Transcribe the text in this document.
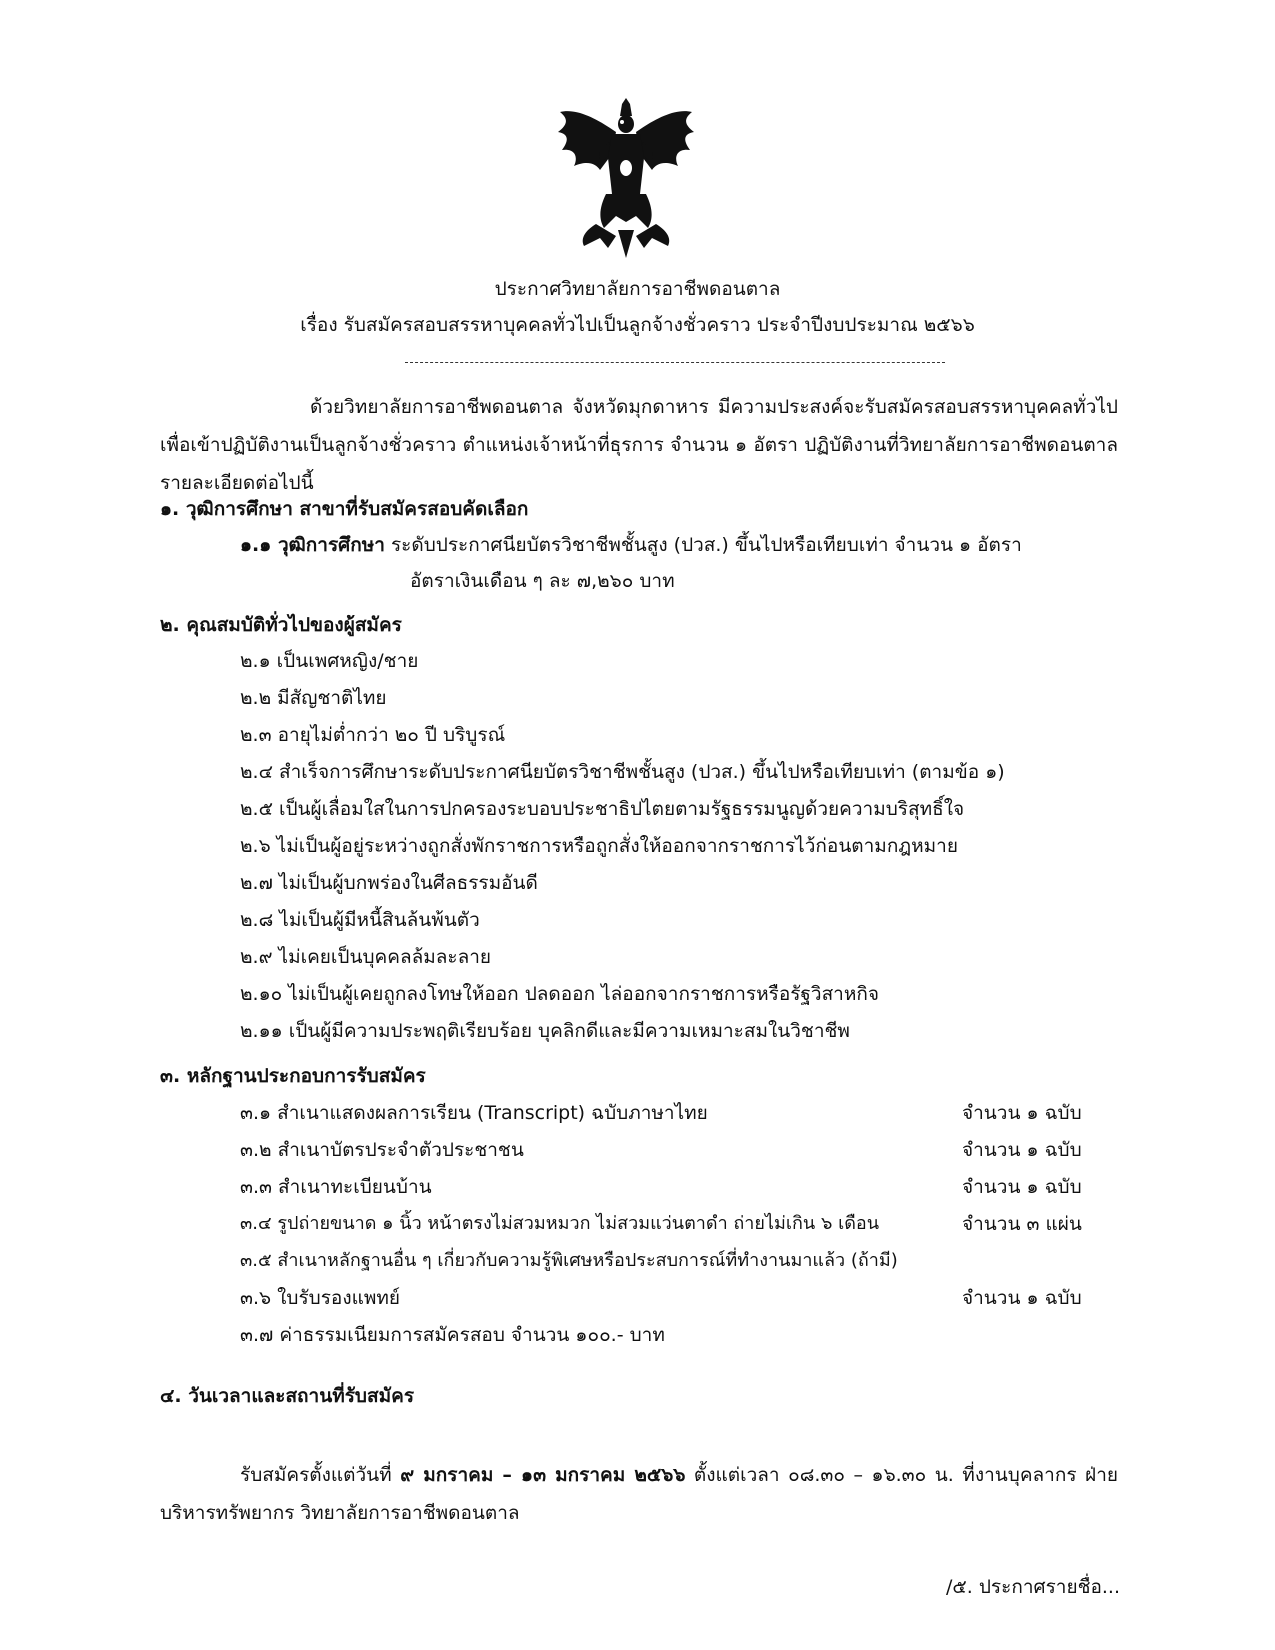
ประกาศวิทยาลัยการอาชีพดอนตาล
เรื่อง รับสมัครสอบสรรหาบุคคลทั่วไปเป็นลูกจ้างชั่วคราว ประจำปีงบประมาณ ๒๕๖๖
ด้วยวิทยาลัยการอาชีพดอนตาล จังหวัดมุกดาหาร มีความประสงค์จะรับสมัครสอบสรรหาบุคคลทั่วไป เพื่อเข้าปฏิบัติงานเป็นลูกจ้างชั่วคราว ตำแหน่งเจ้าหน้าที่ธุรการ จำนวน ๑ อัตรา ปฏิบัติงานที่วิทยาลัยการอาชีพดอนตาล รายละเอียดต่อไปนี้
๑. วุฒิการศึกษา สาขาที่รับสมัครสอบคัดเลือก
๑.๑ วุฒิการศึกษา ระดับประกาศนียบัตรวิชาชีพชั้นสูง (ปวส.) ขึ้นไปหรือเทียบเท่า จำนวน ๑ อัตรา
อัตราเงินเดือน ๆ ละ ๗,๒๖๐ บาท
๒. คุณสมบัติทั่วไปของผู้สมัคร
๒.๑ เป็นเพศหญิง/ชาย
๒.๒ มีสัญชาติไทย
๒.๓ อายุไม่ต่ำกว่า ๒๐ ปี บริบูรณ์
๒.๔ สำเร็จการศึกษาระดับประกาศนียบัตรวิชาชีพชั้นสูง (ปวส.) ขึ้นไปหรือเทียบเท่า (ตามข้อ ๑)
๒.๕ เป็นผู้เลื่อมใสในการปกครองระบอบประชาธิปไตยตามรัฐธรรมนูญด้วยความบริสุทธิ์ใจ
๒.๖ ไม่เป็นผู้อยู่ระหว่างถูกสั่งพักราชการหรือถูกสั่งให้ออกจากราชการไว้ก่อนตามกฎหมาย
๒.๗ ไม่เป็นผู้บกพร่องในศีลธรรมอันดี
๒.๘ ไม่เป็นผู้มีหนี้สินล้นพ้นตัว
๒.๙ ไม่เคยเป็นบุคคลล้มละลาย
๒.๑๐ ไม่เป็นผู้เคยถูกลงโทษให้ออก ปลดออก ไล่ออกจากราชการหรือรัฐวิสาหกิจ
๒.๑๑ เป็นผู้มีความประพฤติเรียบร้อย บุคลิกดีและมีความเหมาะสมในวิชาชีพ
๓. หลักฐานประกอบการรับสมัคร
๓.๑ สำเนาแสดงผลการเรียน (Transcript) ฉบับภาษาไทย	จำนวน ๑ ฉบับ
๓.๒ สำเนาบัตรประจำตัวประชาชน	จำนวน ๑ ฉบับ
๓.๓ สำเนาทะเบียนบ้าน	จำนวน ๑ ฉบับ
๓.๔ รูปถ่ายขนาด ๑ นิ้ว หน้าตรงไม่สวมหมวก ไม่สวมแว่นตาดำ ถ่ายไม่เกิน ๖ เดือน	จำนวน ๓ แผ่น
๓.๕ สำเนาหลักฐานอื่น ๆ เกี่ยวกับความรู้พิเศษหรือประสบการณ์ที่ทำงานมาแล้ว (ถ้ามี)
๓.๖ ใบรับรองแพทย์	จำนวน ๑ ฉบับ
๓.๗ ค่าธรรมเนียมการสมัครสอบ จำนวน ๑๐๐.- บาท
๔. วันเวลาและสถานที่รับสมัคร
รับสมัครตั้งแต่วันที่ ๙ มกราคม – ๑๓ มกราคม ๒๕๖๖ ตั้งแต่เวลา ๐๘.๓๐ – ๑๖.๓๐ น. ที่งานบุคลากร ฝ่ายบริหารทรัพยากร วิทยาลัยการอาชีพดอนตาล
/๕. ประกาศรายชื่อ...
